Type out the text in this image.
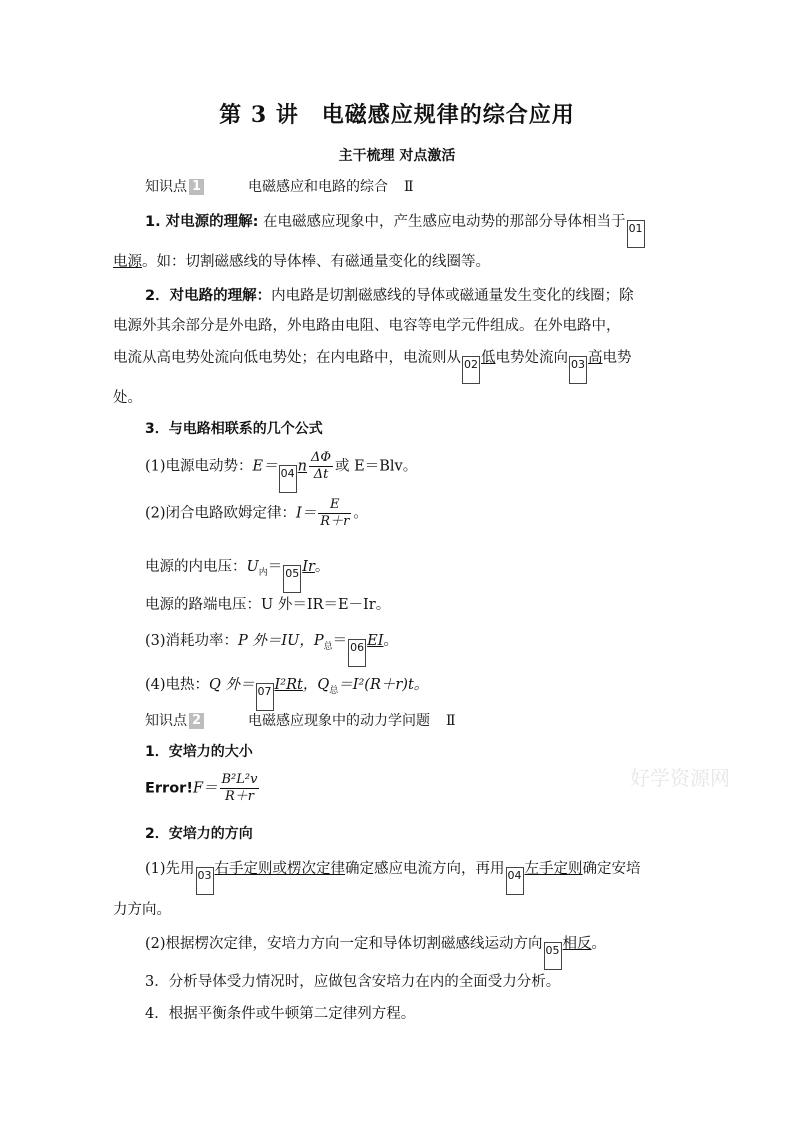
第 3 讲　电磁感应规律的综合应用
主干梳理 对点激活
知识点 1	电磁感应和电路的综合 Ⅱ
1. 对电源的理解: 在电磁感应现象中，产生感应电动势的那部分导体相当于 01
电源。如：切割磁感线的导体棒、有磁通量变化的线圈等。
2．对电路的理解：内电路是切割磁感线的导体或磁通量发生变化的线圈；除
电源外其余部分是外电路，外电路由电阻、电容等电学元件组成。在外电路中，
电流从高电势处流向低电势处；在内电路中，电流则从 02 低电势处流向 03 高电势
处。
3．与电路相联系的几个公式
(1)电源电动势：E＝ 04 n $\frac{\Delta\Phi}{\Delta t}$ 或 E＝Blv。
(2)闭合电路欧姆定律：$I= \frac{E}{R+r}$ 。
电源的内电压：$U_内= 05$ Ir。
电源的路端电压：U 外＝IR＝E－Ir。
(3)消耗功率：P 外＝IU，$P_总= 06$ EI。
(4)电热：Q 外＝ 07 I²Rt，$Q_总=I^2(R+r)t$。
知识点 2	电磁感应现象中的动力学问题 Ⅱ
1．安培力的大小
Error!F＝ $\frac{\text{B²L²v}}{R+r}$	好学资源网
2．安培力的方向
(1)先用 03 右手定则或楞次定律确定感应电流方向，再用 04 左手定则确定安培
力方向。
(2)根据楞次定律，安培力方向一定和导体切割磁感线运动方向 05 相反。
3．分析导体受力情况时，应做包含安培力在内的全面受力分析。
4．根据平衡条件或牛顿第二定律列方程。
